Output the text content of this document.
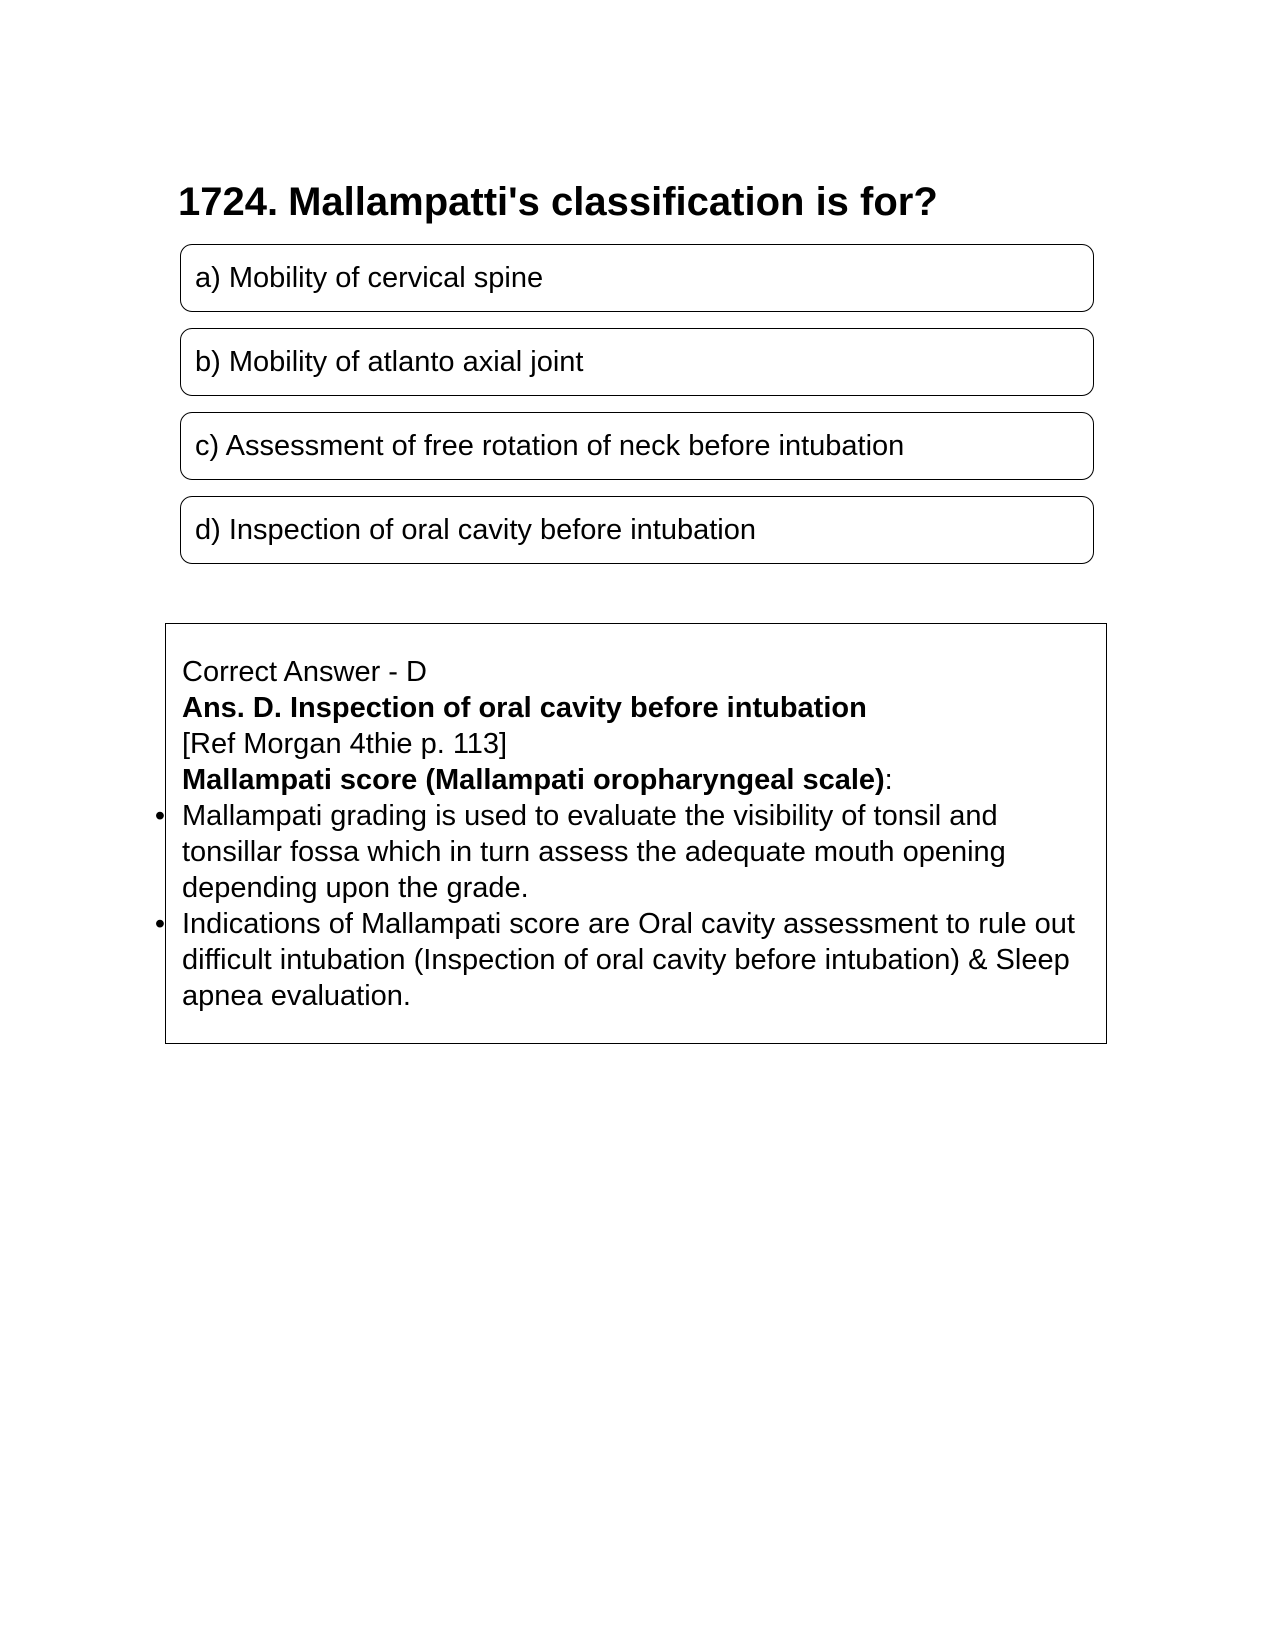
1724. Mallampatti's classification is for?
a) Mobility of cervical spine
b) Mobility of atlanto axial joint
c) Assessment of free rotation of neck before intubation
d) Inspection of oral cavity before intubation
Correct Answer - D
Ans. D. Inspection of oral cavity before intubation
[Ref Morgan 4thie p. 113]
Mallampati score (Mallampati oropharyngeal scale):
• Mallampati grading is used to evaluate the visibility of tonsil and tonsillar fossa which in turn assess the adequate mouth opening depending upon the grade.
• Indications of Mallampati score are Oral cavity assessment to rule out difficult intubation (Inspection of oral cavity before intubation) & Sleep apnea evaluation.
